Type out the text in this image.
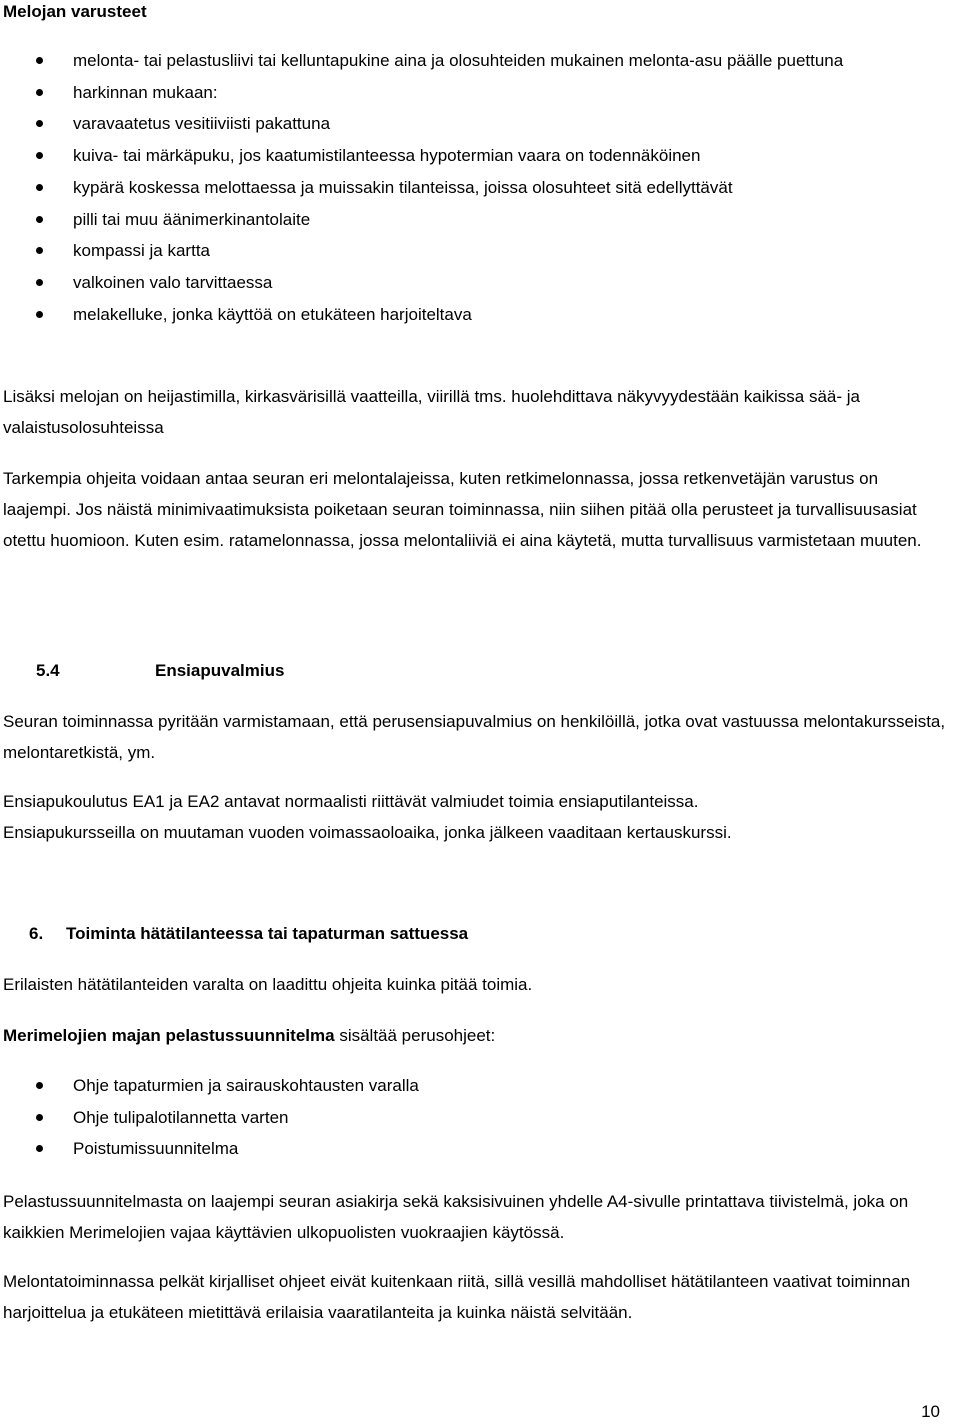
Melojan varusteet
melonta- tai pelastusliivi tai kelluntapukine aina ja olosuhteiden mukainen melonta-asu päälle puettuna
harkinnan mukaan:
varavaatetus vesitiiviisti pakattuna
kuiva- tai märkäpuku, jos kaatumistilanteessa hypotermian vaara on todennäköinen
kypärä koskessa melottaessa ja muissakin tilanteissa, joissa olosuhteet sitä edellyttävät
pilli tai muu äänimerkinantolaite
kompassi ja kartta
valkoinen valo tarvittaessa
melakelluke, jonka käyttöä on etukäteen harjoiteltava

Lisäksi melojan on heijastimilla, kirkasvärisillä vaatteilla, viirillä tms. huolehdittava näkyvyydestään kaikissa sää- ja valaistusolosuhteissa

Tarkempia ohjeita voidaan antaa seuran eri melontalajeissa, kuten retkimelonnassa, jossa retkenvetäjän varustus on laajempi. Jos näistä minimivaatimuksista poiketaan seuran toiminnassa, niin siihen pitää olla perusteet ja turvallisuusasiat otettu huomioon. Kuten esim. ratamelonnassa, jossa melontaliiviä ei aina käytetä, mutta turvallisuus varmistetaan muuten.

5.4	Ensiapuvalmius

Seuran toiminnassa pyritään varmistamaan, että perusensiapuvalmius on henkilöillä, jotka ovat vastuussa melontakursseista, melontaretkistä, ym.

Ensiapukoulutus EA1 ja EA2 antavat normaalisti riittävät valmiudet toimia ensiaputilanteissa.
Ensiapukursseilla on muutaman vuoden voimassaoloaika, jonka jälkeen vaaditaan kertauskurssi.

6. Toiminta hätätilanteessa tai tapaturman sattuessa

Erilaisten hätätilanteiden varalta on laadittu ohjeita kuinka pitää toimia.

Merimelojien majan pelastussuunnitelma sisältää perusohjeet:

Ohje tapaturmien ja sairauskohtausten varalla
Ohje tulipalotilannetta varten
Poistumissuunnitelma

Pelastussuunnitelmasta on laajempi seuran asiakirja sekä kaksisivuinen yhdelle A4-sivulle printattava tiivistelmä, joka on kaikkien Merimelojien vajaa käyttävien ulkopuolisten vuokraajien käytössä.

Melontatoiminnassa pelkät kirjalliset ohjeet eivät kuitenkaan riitä, sillä vesillä mahdolliset hätätilanteen vaativat toiminnan harjoittelua ja etukäteen mietittävä erilaisia vaaratilanteita ja kuinka näistä selvitään.

10
